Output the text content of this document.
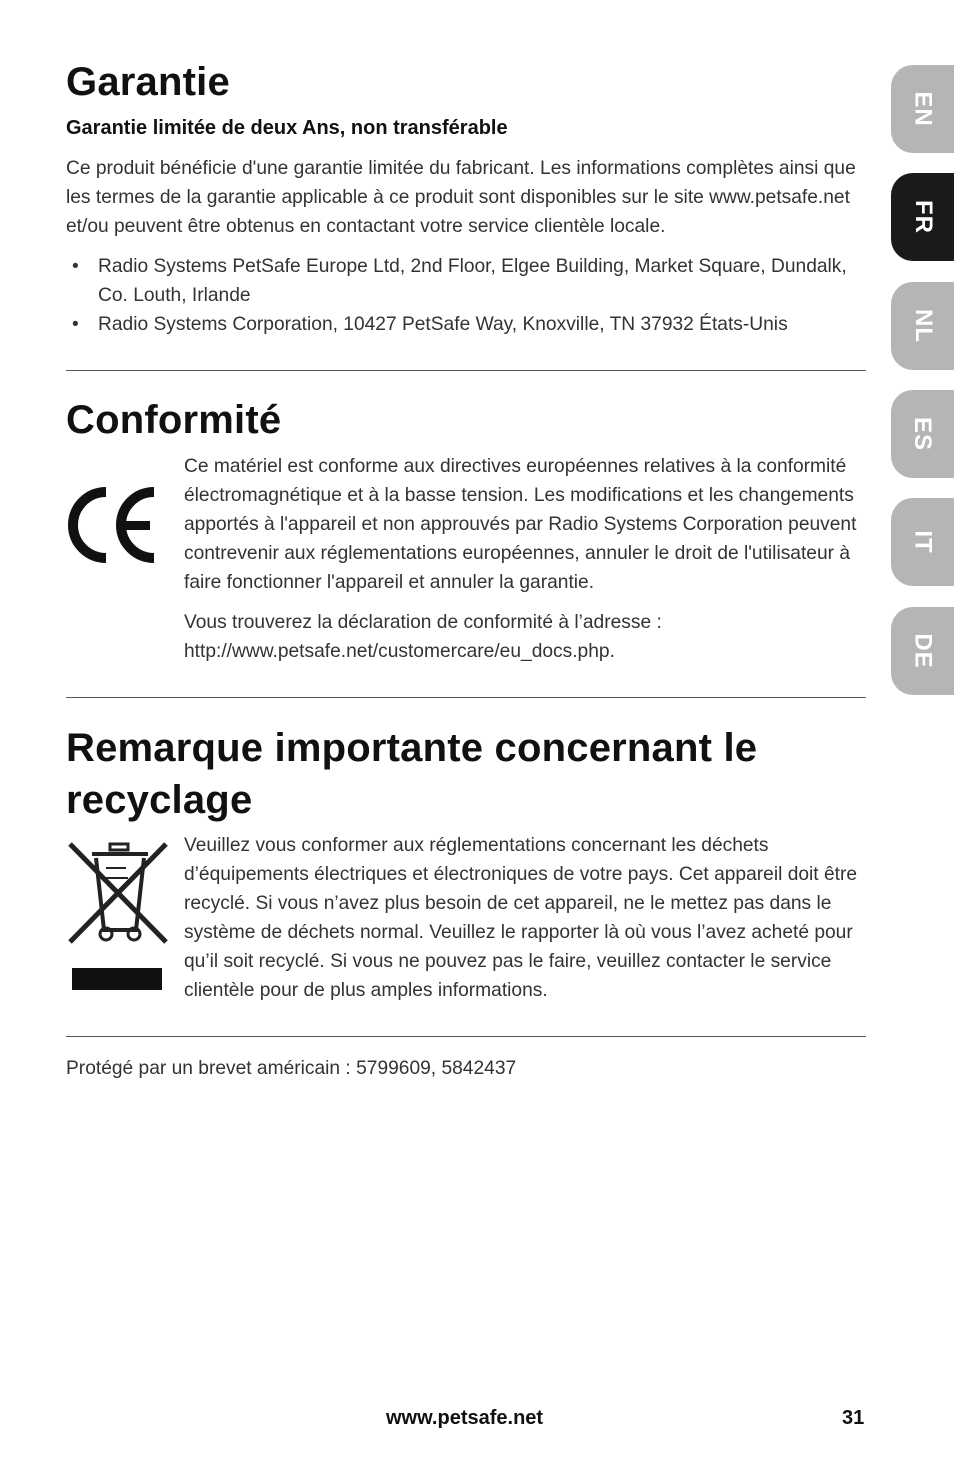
Garantie
Garantie limitée de deux Ans, non transférable

Ce produit bénéficie d'une garantie limitée du fabricant. Les informations complètes ainsi que les termes de la garantie applicable à ce produit sont disponibles sur le site www.petsafe.net et/ou peuvent être obtenus en contactant votre service clientèle locale.

• Radio Systems PetSafe Europe Ltd, 2nd Floor, Elgee Building, Market Square, Dundalk, Co. Louth, Irlande
• Radio Systems Corporation, 10427 PetSafe Way, Knoxville, TN 37932 États-Unis
Conformité

Ce matériel est conforme aux directives européennes relatives à la conformité électromagnétique et à la basse tension. Les modifications et les changements apportés à l'appareil et non approuvés par Radio Systems Corporation peuvent contrevenir aux réglementations européennes, annuler le droit de l'utilisateur à faire fonctionner l'appareil et annuler la garantie.

Vous trouverez la déclaration de conformité à l’adresse : http://www.petsafe.net/customercare/eu_docs.php.

Remarque importante concernant le recyclage

Veuillez vous conformer aux réglementations concernant les déchets d’équipements électriques et électroniques de votre pays. Cet appareil doit être recyclé. Si vous n’avez plus besoin de cet appareil, ne le mettez pas dans le système de déchets normal. Veuillez le rapporter là où vous l’avez acheté pour qu’il soit recyclé. Si vous ne pouvez pas le faire, veuillez contacter le service clientèle pour de plus amples informations.

Protégé par un brevet américain : 5799609, 5842437

www.petsafe.net	31
EN
FR
NL
ES
IT
DE
